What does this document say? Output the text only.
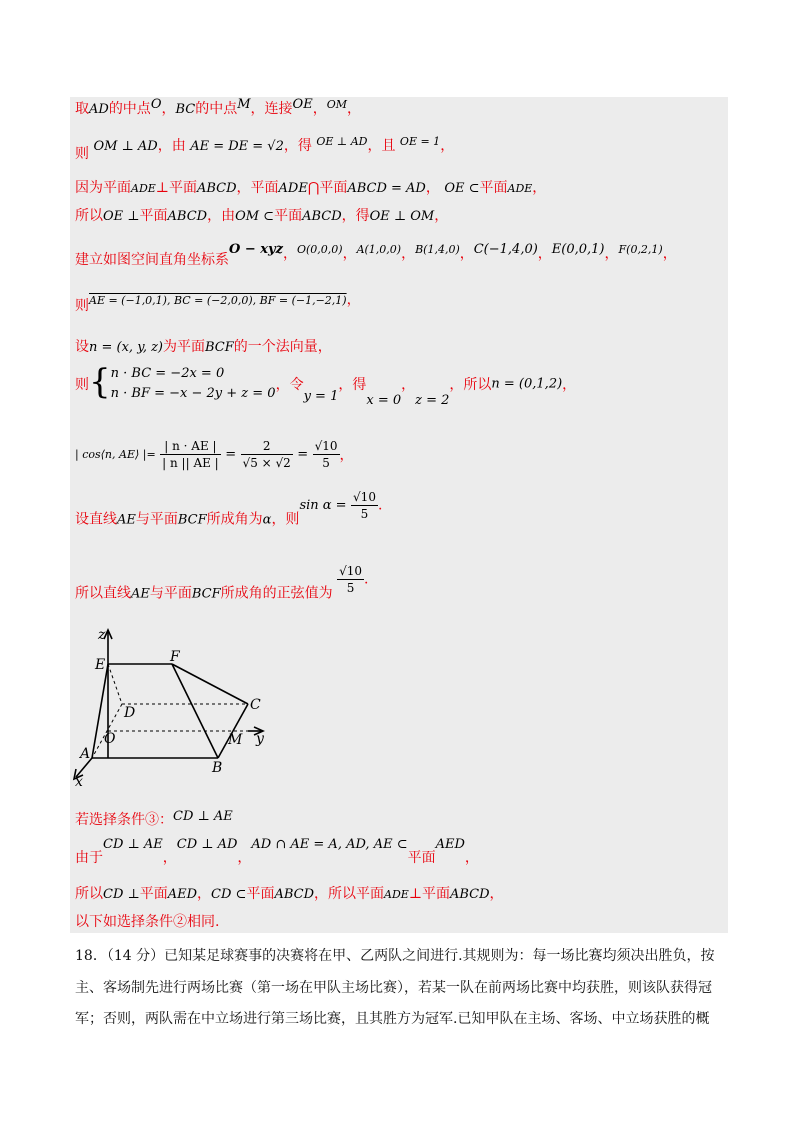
取AD的中点O，BC的中点M，连接OE，$^{OM}$，
则 OM ⊥ AD，由 AE = DE = √2，得 $^{OE \perp AD}$，且 $^{OE = 1}$，
因为平面ADE⊥平面ABCD，平面ADE⋂平面ABCD = AD， OE ⊂平面ADE，
所以OE ⊥平面ABCD，由OM ⊂平面ABCD，得OE ⊥ OM，
建立如图空间直角坐标系O − xyz，$^{O(0,0,0)}$，$^{A(1,0,0)}$，$^{B(1,4,0)}$，C(−1,4,0)，E(0,0,1)，$^{F(0,2,1)}$，
则AE = (−1,0,1), BC = (−2,0,0), BF = (−1,−2,1)，
设n = (x, y, z)为平面BCF的一个法向量，
则{ n · BC = −2x = 0
n · BF = −x − 2y + z = 0
，令y = 1，得x = 0，z = 2，所以n = (0,1,2)，
| cos⟨n, AE⟩ |= $\frac{| n \cdot AE |}{| n || AE |} = \frac{2}{√5 \times √2} = \frac{√10}{5}$ ，
设直线AE与平面BCF所成角为α，则$\sin \alpha = \frac{√10}{5}$ .
所以直线AE与平面BCF所成角的正弦值为 $\frac{√10}{5}$ .
z
E	F
D	C
O	M y
A
B
x
若选择条件③：CD ⊥ AE
由于CD ⊥ AE，CD ⊥ AD，AD ∩ AE = A, AD, AE ⊂平面AED，
所以CD ⊥平面AED，CD ⊂平面ABCD，所以平面ADE⊥平面ABCD，
以下如选择条件②相同.
18．（14 分）已知某足球赛事的决赛将在甲、乙两队之间进行.其规则为：每一场比赛均须决出胜负，按
主、客场制先进行两场比赛（第一场在甲队主场比赛），若某一队在前两场比赛中均获胜，则该队获得冠
军；否则，两队需在中立场进行第三场比赛，且其胜方为冠军.已知甲队在主场、客场、中立场获胜的概
